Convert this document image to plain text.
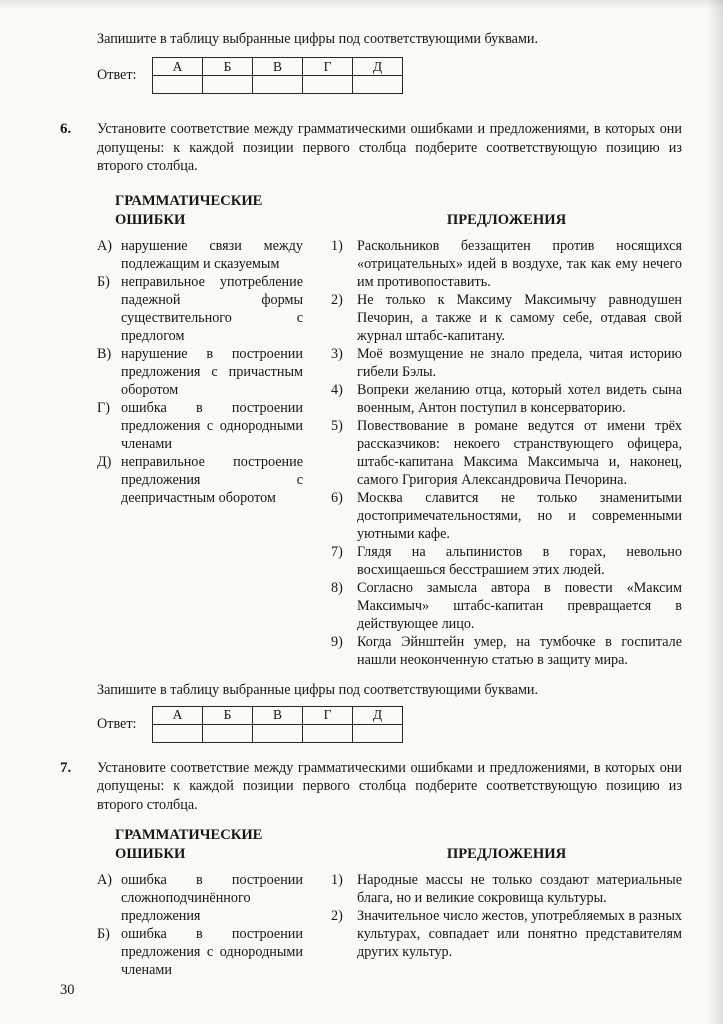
Запишите в таблицу выбранные цифры под соответствующими буквами.

Ответ:
А	Б	В	Г	Д

6.	Установите соответствие между грамматическими ошибками и предложениями, в которых они допущены: к каждой позиции первого столбца подберите соответствующую позицию из второго столбца.

ГРАММАТИЧЕСКИЕ
ОШИБКИ
А) нарушение связи между подлежащим и сказуемым
Б) неправильное употребление падежной формы существительного с предлогом
В) нарушение в построении предложения с причастным оборотом
Г) ошибка в построении предложения с однородными членами
Д) неправильное построение предложения с деепричастным оборотом
ПРЕДЛОЖЕНИЯ
1) Раскольников беззащитен против носящихся «отрицательных» идей в воздухе, так как ему нечего им противопоставить.
2) Не только к Максиму Максимычу равнодушен Печорин, а также и к самому себе, отдавая свой журнал штабс-капитану.
3) Моё возмущение не знало предела, читая историю гибели Бэлы.
4) Вопреки желанию отца, который хотел видеть сына военным, Антон поступил в консерваторию.
5) Повествование в романе ведутся от имени трёх рассказчиков: некоего странствующего офицера, штабс-капитана Максима Максимыча и, наконец, самого Григория Александровича Печорина.
6) Москва славится не только знаменитыми достопримечательностями, но и современными уютными кафе.
7) Глядя на альпинистов в горах, невольно восхищаешься бесстрашием этих людей.
8) Согласно замысла автора в повести «Максим Максимыч» штабс-капитан превращается в действующее лицо.
9) Когда Эйнштейн умер, на тумбочке в госпитале нашли неоконченную статью в защиту мира.

Запишите в таблицу выбранные цифры под соответствующими буквами.

Ответ:
А	Б	В	Г	Д

7.	Установите соответствие между грамматическими ошибками и предложениями, в которых они допущены: к каждой позиции первого столбца подберите соответствующую позицию из второго столбца.

ГРАММАТИЧЕСКИЕ
ОШИБКИ
А) ошибка в построении сложноподчинённого предложения
Б) ошибка в построении предложения с однородными членами
ПРЕДЛОЖЕНИЯ
1) Народные массы не только создают материальные блага, но и великие сокровища культуры.
2) Значительное число жестов, употребляемых в разных культурах, совпадает или понятно представителям других культур.
30
